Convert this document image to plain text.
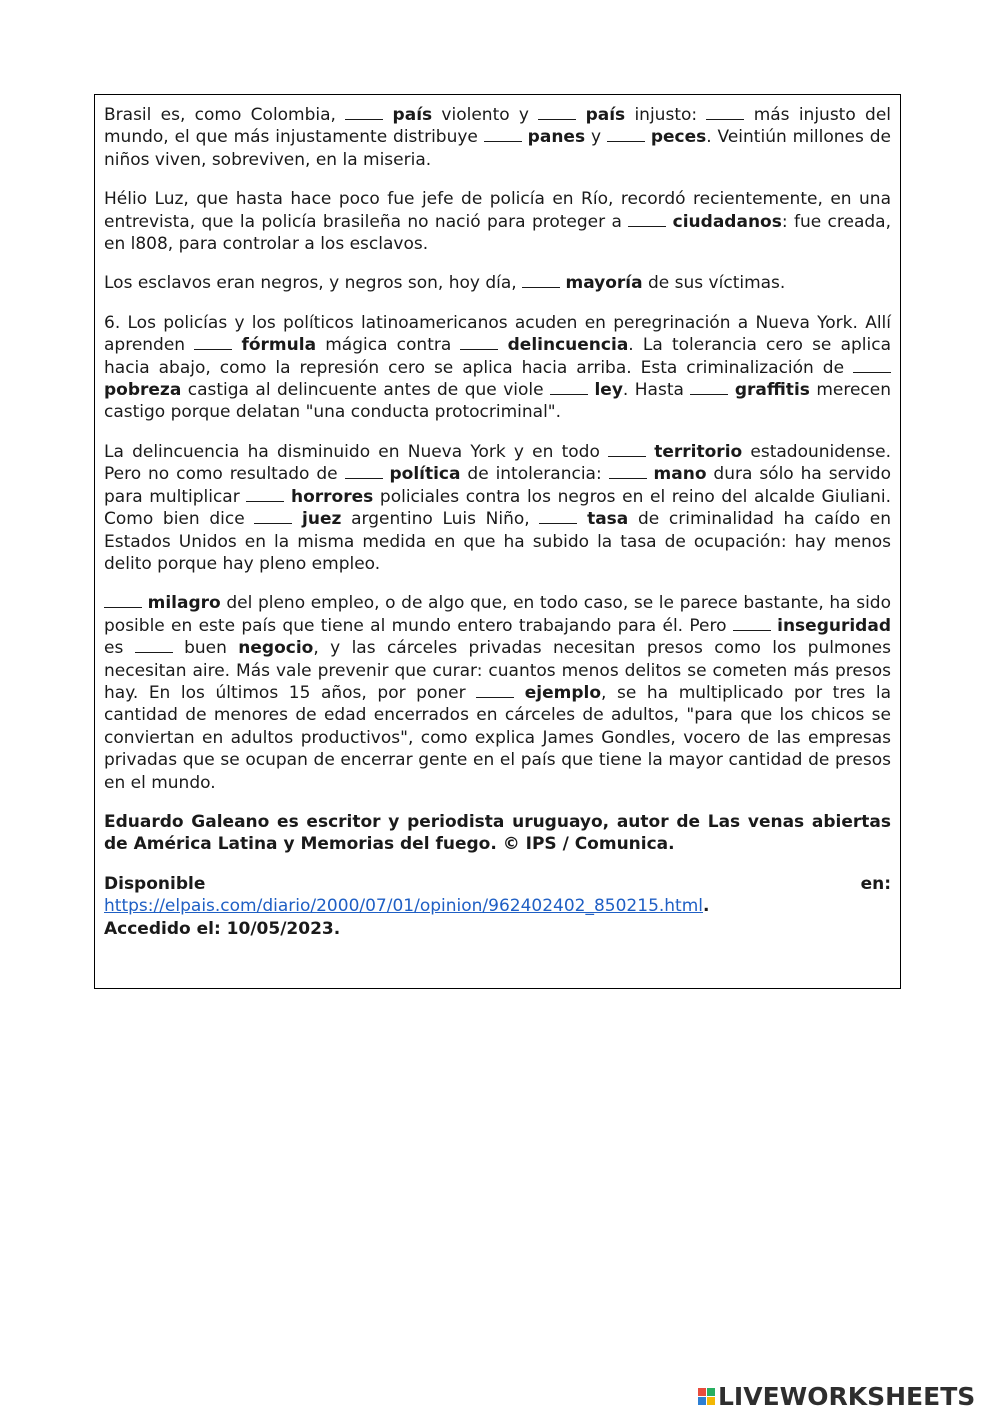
Brasil es, como Colombia,	país violento y	país injusto:  más injusto del mundo, el que más injustamente distribuye	panes y	peces. Veintiún millones de niños viven, sobreviven, en la miseria.

Hélio Luz, que hasta hace poco fue jefe de policía en Río, recordó recientemente, en una entrevista, que la policía brasileña no nació para proteger a	ciudadanos: fue creada, en l808, para controlar a los esclavos.

Los esclavos eran negros, y negros son, hoy día,	mayoría de sus víctimas.

6. Los policías y los políticos latinoamericanos acuden en peregrinación a Nueva York. Allí aprenden	fórmula mágica contra	delincuencia. La tolerancia cero se aplica hacia abajo, como la represión cero se aplica hacia arriba. Esta criminalización de  pobreza castiga al delincuente antes de que viole	ley. Hasta	graffitis merecen castigo porque delatan "una conducta protocriminal".

La delincuencia ha disminuido en Nueva York y en todo	territorio estadounidense. Pero no como resultado de	política de intolerancia:	mano dura sólo ha servido para multiplicar	horrores policiales contra los negros en el reino del alcalde Giuliani. Como bien dice	juez argentino Luis Niño,	tasa de criminalidad ha caído en Estados Unidos en la misma medida en que ha subido la tasa de ocupación: hay menos delito porque hay pleno empleo.

milagro del pleno empleo, o de algo que, en todo caso, se le parece bastante, ha sido posible en este país que tiene al mundo entero trabajando para él. Pero	inseguridad es  buen negocio, y las cárceles privadas necesitan presos como los pulmones necesitan aire. Más vale prevenir que curar: cuantos menos delitos se cometen más presos hay. En los últimos 15 años, por poner	ejemplo, se ha multiplicado por tres la cantidad de menores de edad encerrados en cárceles de adultos, "para que los chicos se conviertan en adultos productivos", como explica James Gondles, vocero de las empresas privadas que se ocupan de encerrar gente en el país que tiene la mayor cantidad de presos en el mundo.

Eduardo Galeano es escritor y periodista uruguayo, autor de Las venas abiertas de América Latina y Memorias del fuego. © IPS / Comunica.

Disponible	en:

https://elpais.com/diario/2000/07/01/opinion/962402402_850215.html.

Accedido el: 10/05/2023.

LIVEWORKSHEETS
